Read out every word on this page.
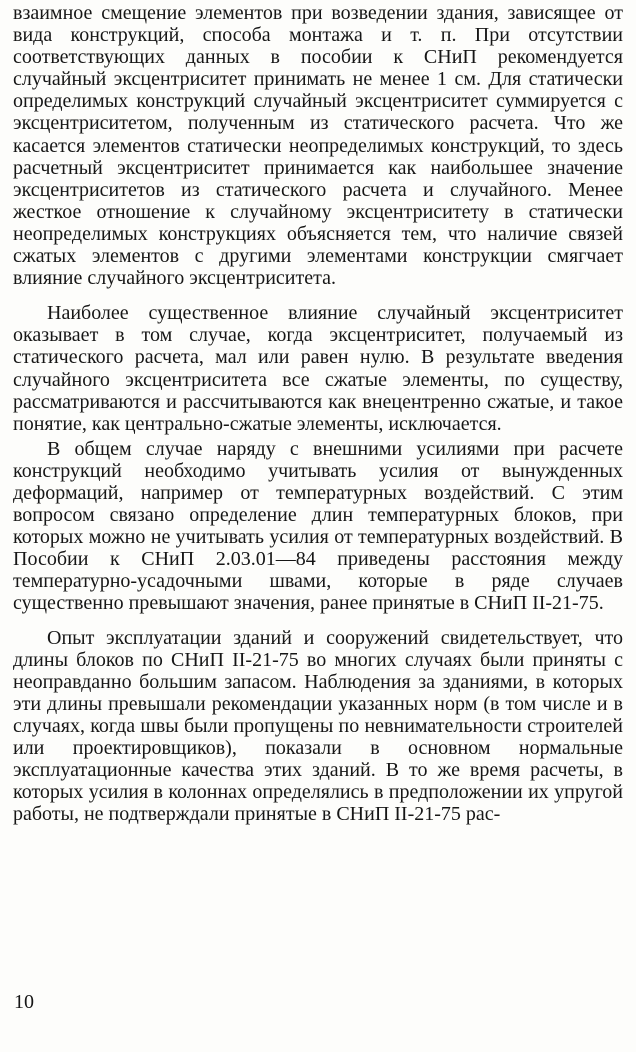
взаимное смещение элементов при возведении здания, зависящее от вида конструкций, способа монтажа и т. п. При отсутствии соответствующих данных в пособии к СНиП рекомендуется случайный эксцентриситет принимать не менее 1 см. Для статически определимых конструкций случайный эксцентриситет суммируется с эксцентриситетом, полученным из статического расчета. Что же касается элементов статически неопределимых конструкций, то здесь расчетный эксцентриситет принимается как наибольшее значение эксцентриситетов из статического расчета и случайного. Менее жесткое отношение к случайному эксцентриситету в статически неопределимых конструкциях объясняется тем, что наличие связей сжатых элементов с другими элементами конструкции смягчает влияние случайного эксцентриситета.

Наиболее существенное влияние случайный эксцентриситет оказывает в том случае, когда эксцентриситет, получаемый из статического расчета, мал или равен нулю. В результате введения случайного эксцентриситета все сжатые элементы, по существу, рассматриваются и рассчитываются как внецентренно сжатые, и такое понятие, как центрально-сжатые элементы, исключается.

В общем случае наряду с внешними усилиями при расчете конструкций необходимо учитывать усилия от вынужденных деформаций, например от температурных воздействий. С этим вопросом связано определение длин температурных блоков, при которых можно не учитывать усилия от температурных воздействий. В Пособии к СНиП 2.03.01—84 приведены расстояния между температурно-усадочными швами, которые в ряде случаев существенно превышают значения, ранее принятые в СНиП II-21-75.

Опыт эксплуатации зданий и сооружений свидетельствует, что длины блоков по СНиП II-21-75 во многих случаях были приняты с неоправданно большим запасом. Наблюдения за зданиями, в которых эти длины превышали рекомендации указанных норм (в том числе и в случаях, когда швы были пропущены по невнимательности строителей или проектировщиков), показали в основном нормальные эксплуатационные качества этих зданий. В то же время расчеты, в которых усилия в колоннах определялись в предположении их упругой работы, не подтверждали принятые в СНиП II-21-75 рас-

10
